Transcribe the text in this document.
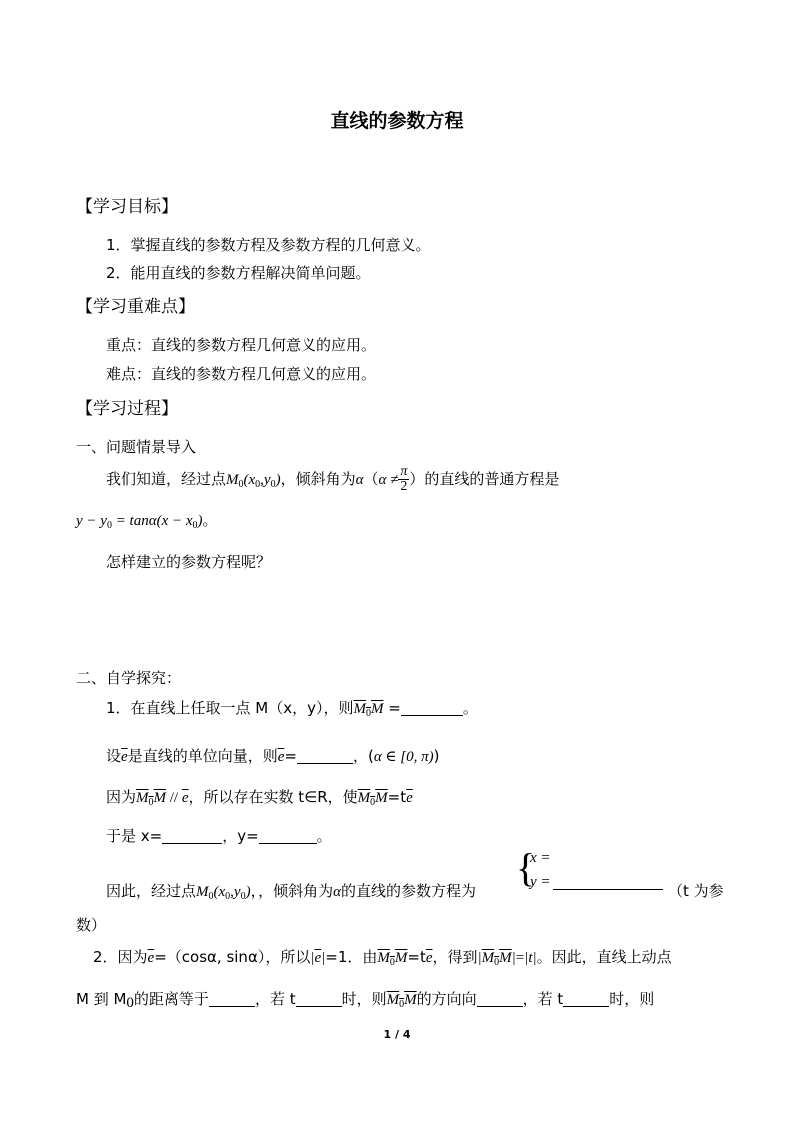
直线的参数方程
【学习目标】
1．掌握直线的参数方程及参数方程的几何意义。
2．能用直线的参数方程解决简单问题。
【学习重难点】
重点：直线的参数方程几何意义的应用。
难点：直线的参数方程几何意义的应用。
【学习过程】
一、问题情景导入
我们知道，经过点$M_0(x_0,y_0)$，倾斜角为$\alpha(\alpha \ne \frac{\pi}{2}$ ）的直线的普通方程是
$y - y_0 = \tan\alpha(x - x_0)$。
怎样建立的参数方程呢？
二、自学探究：
1．在直线上任取一点 M（x，y），则$M_0M$ =	。
设$\overline{e}$是直线的单位向量，则$\overline{e}=$	，(α ∈ [0, π))
因为$M_0M // \overline{e}$，所以存在实数 t∈R，使$M_0M=t\overline{e}$
于是 x=	，y=	。
因此，经过点$M_0(x_0,y_0)$，，倾斜角为α的直线的参数方程为
{
x =
y =	（t 为参
数）
2．因为$\overline{e}=(\cos\alpha$, sinα），所以$|\overline{e}|=1$．由$M_0M=t\overline{e}$，得到$|M_0M|=|t|$。因此，直线上动点
M 到 $M_0$的距离等于	，若 t	时，则$M_0M$的方向向	，若 t	时，则
1 / 4
